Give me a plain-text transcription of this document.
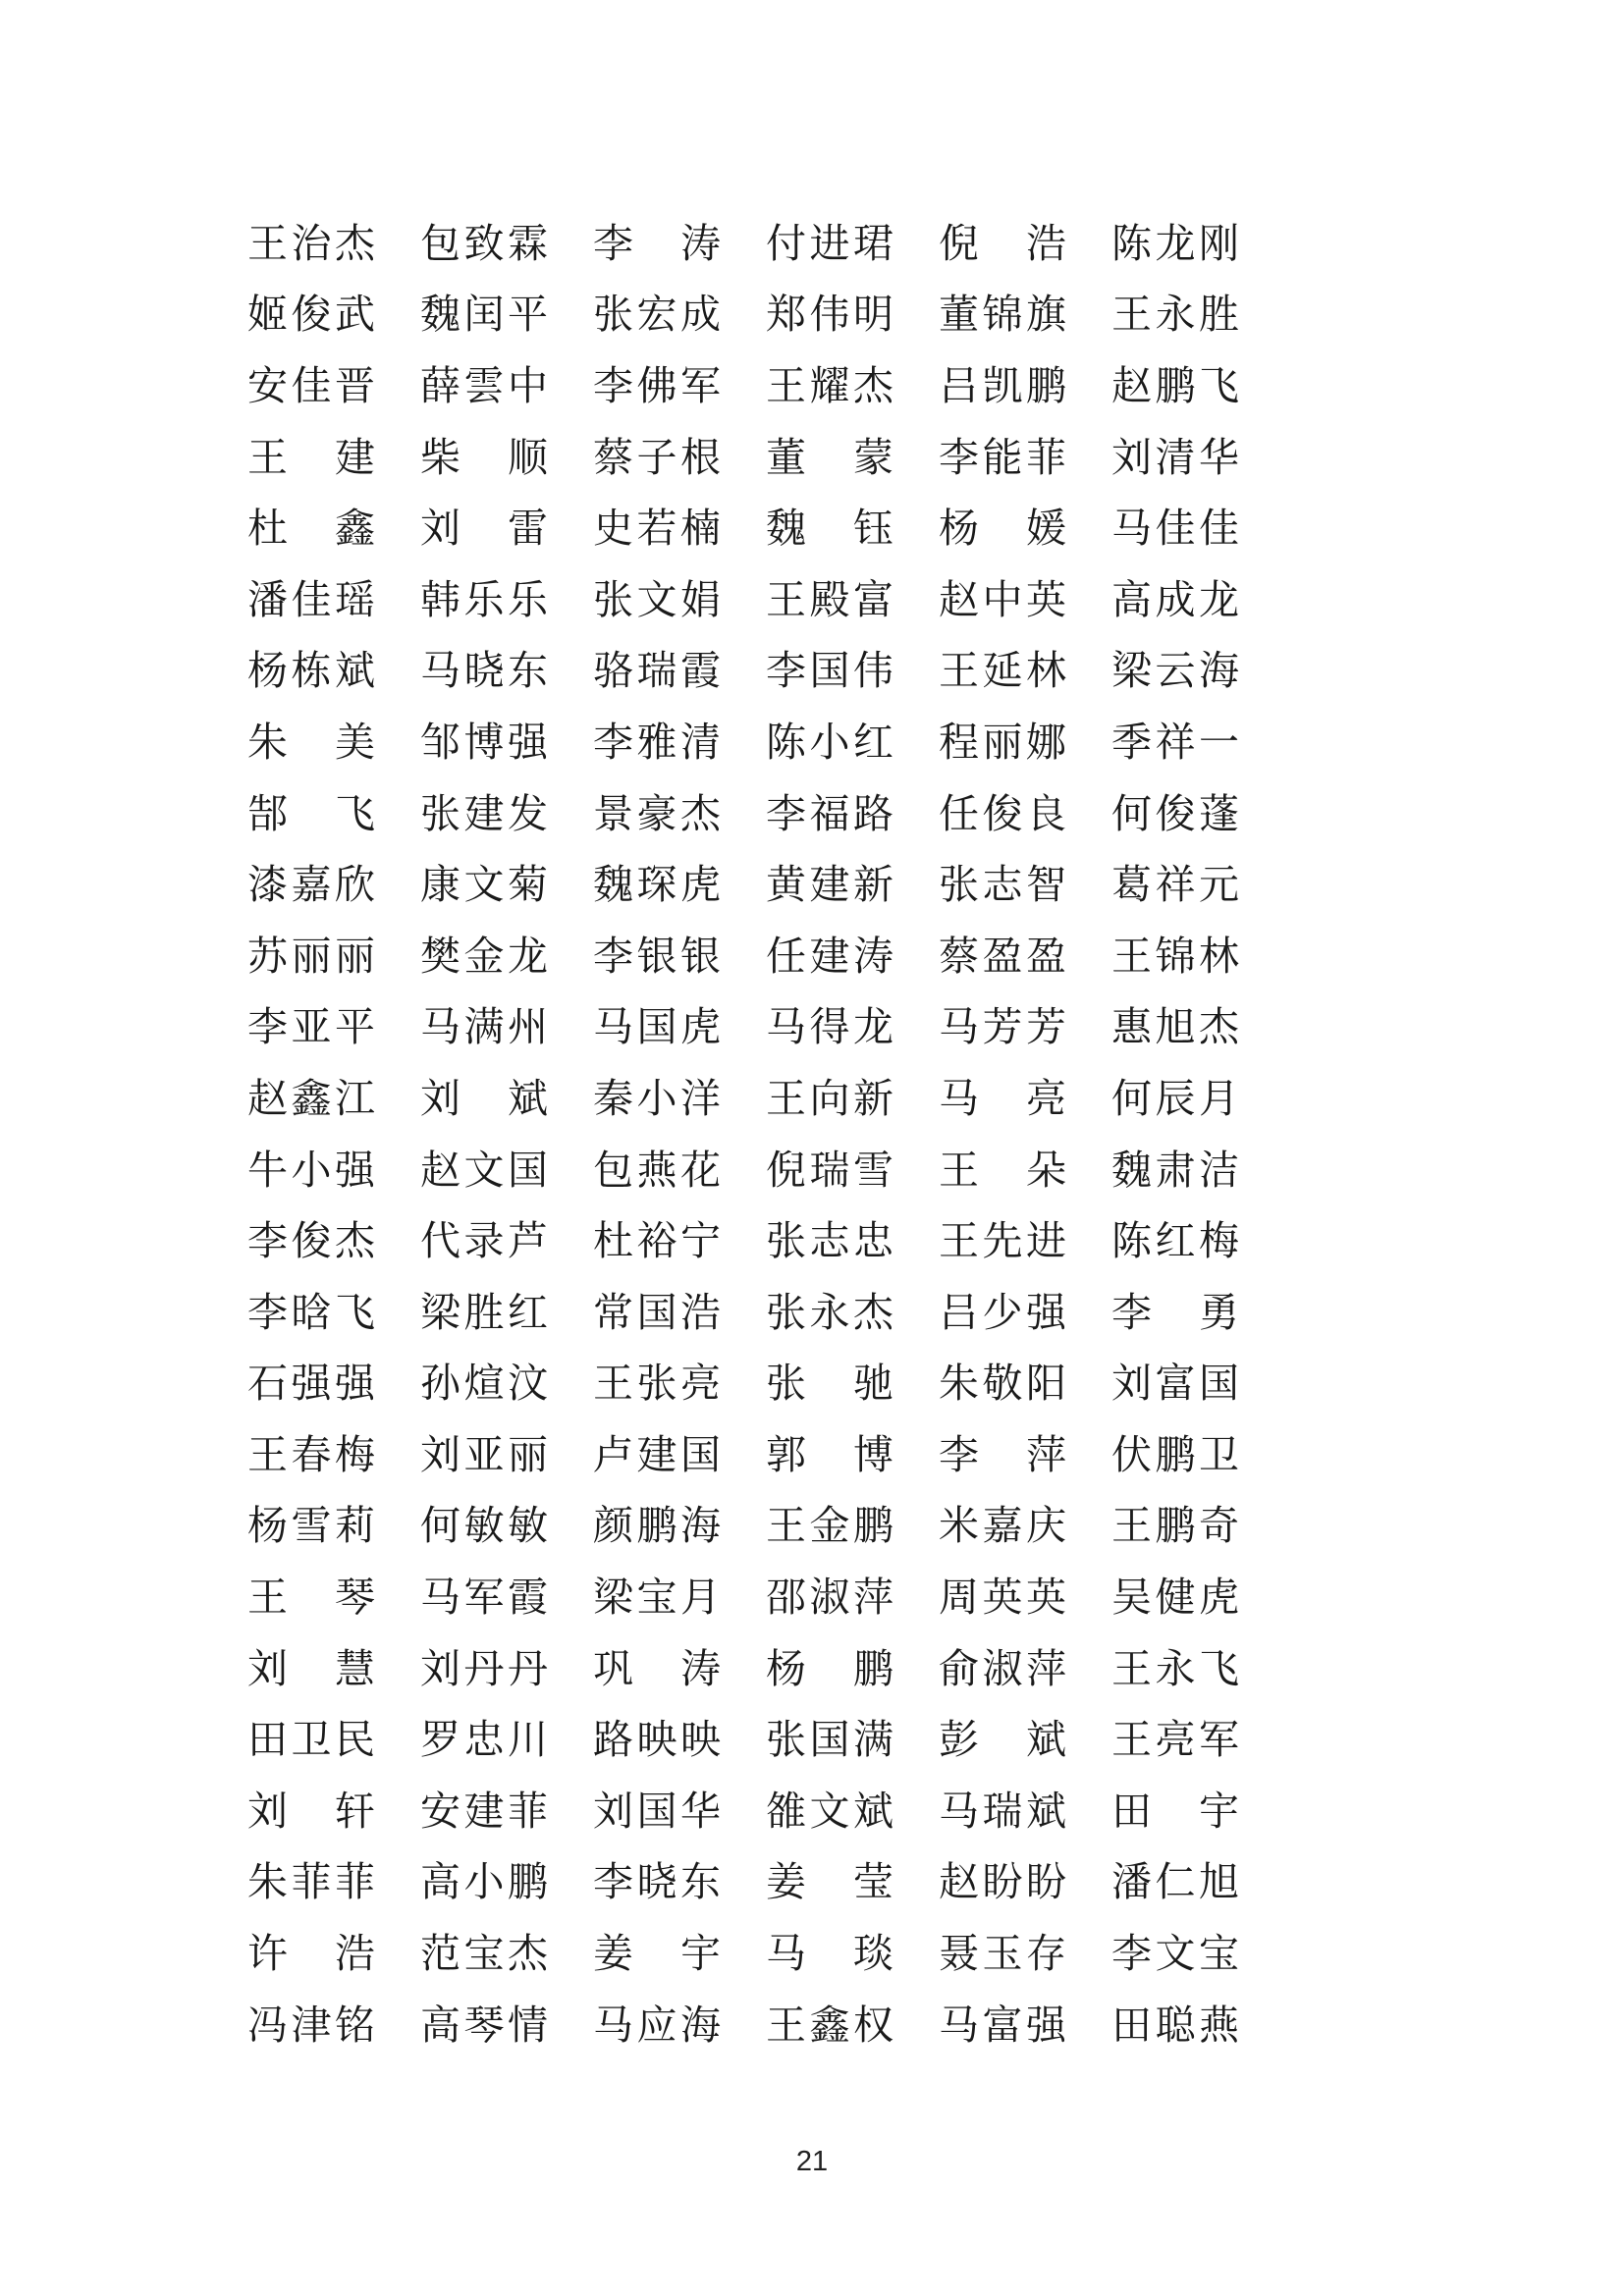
王 治 杰 包 致 霖 李 涛 付 进 珺 倪 浩 陈 龙 刚
姬 俊 武 魏 闰 平 张 宏 成 郑 伟 明 董 锦 旗 王 永 胜
安 佳 晋 薛 雲 中 李 佛 军 王 耀 杰 吕 凯 鹏 赵 鹏 飞
王 建 柴 顺 蔡 子 根 董 蒙 李 能 菲 刘 清 华
杜 鑫 刘 雷 史 若 楠 魏 钰 杨 媛 马 佳 佳
潘 佳 瑶 韩 乐 乐 张 文 娟 王 殿 富 赵 中 英 高 成 龙
杨 栋 斌 马 晓 东 骆 瑞 霞 李 国 伟 王 延 林 梁 云 海
朱 美 邹 博 强 李 雅 清 陈 小 红 程 丽 娜 季 祥 一
郜 飞 张 建 发 景 豪 杰 李 福 路 任 俊 良 何 俊 蓬
漆 嘉 欣 康 文 菊 魏 琛 虎 黄 建 新 张 志 智 葛 祥 元
苏 丽 丽 樊 金 龙 李 银 银 任 建 涛 蔡 盈 盈 王 锦 林
李 亚 平 马 满 州 马 国 虎 马 得 龙 马 芳 芳 惠 旭 杰
赵 鑫 江 刘 斌 秦 小 洋 王 向 新 马 亮 何 辰 月
牛 小 强 赵 文 国 包 燕 花 倪 瑞 雪 王 朵 魏 肃 洁
李 俊 杰 代 录 芦 杜 裕 宁 张 志 忠 王 先 进 陈 红 梅
李 晗 飞 梁 胜 红 常 国 浩 张 永 杰 吕 少 强 李 勇
石 强 强 孙 煊 汶 王 张 亮 张 驰 朱 敬 阳 刘 富 国
王 春 梅 刘 亚 丽 卢 建 国 郭 博 李 萍 伏 鹏 卫
杨 雪 莉 何 敏 敏 颜 鹏 海 王 金 鹏 米 嘉 庆 王 鹏 奇
王 琴 马 军 霞 梁 宝 月 邵 淑 萍 周 英 英 吴 健 虎
刘 慧 刘 丹 丹 巩 涛 杨 鹏 俞 淑 萍 王 永 飞
田 卫 民 罗 忠 川 路 映 映 张 国 满 彭 斌 王 亮 军
刘 轩 安 建 菲 刘 国 华 雒 文 斌 马 瑞 斌 田 宇
朱 菲 菲 高 小 鹏 李 晓 东 姜 莹 赵 盼 盼 潘 仁 旭
许 浩 范 宝 杰 姜 宇 马 琰 聂 玉 存 李 文 宝
冯 津 铭 高 琴 情 马 应 海 王 鑫 权 马 富 强 田 聪 燕
21
